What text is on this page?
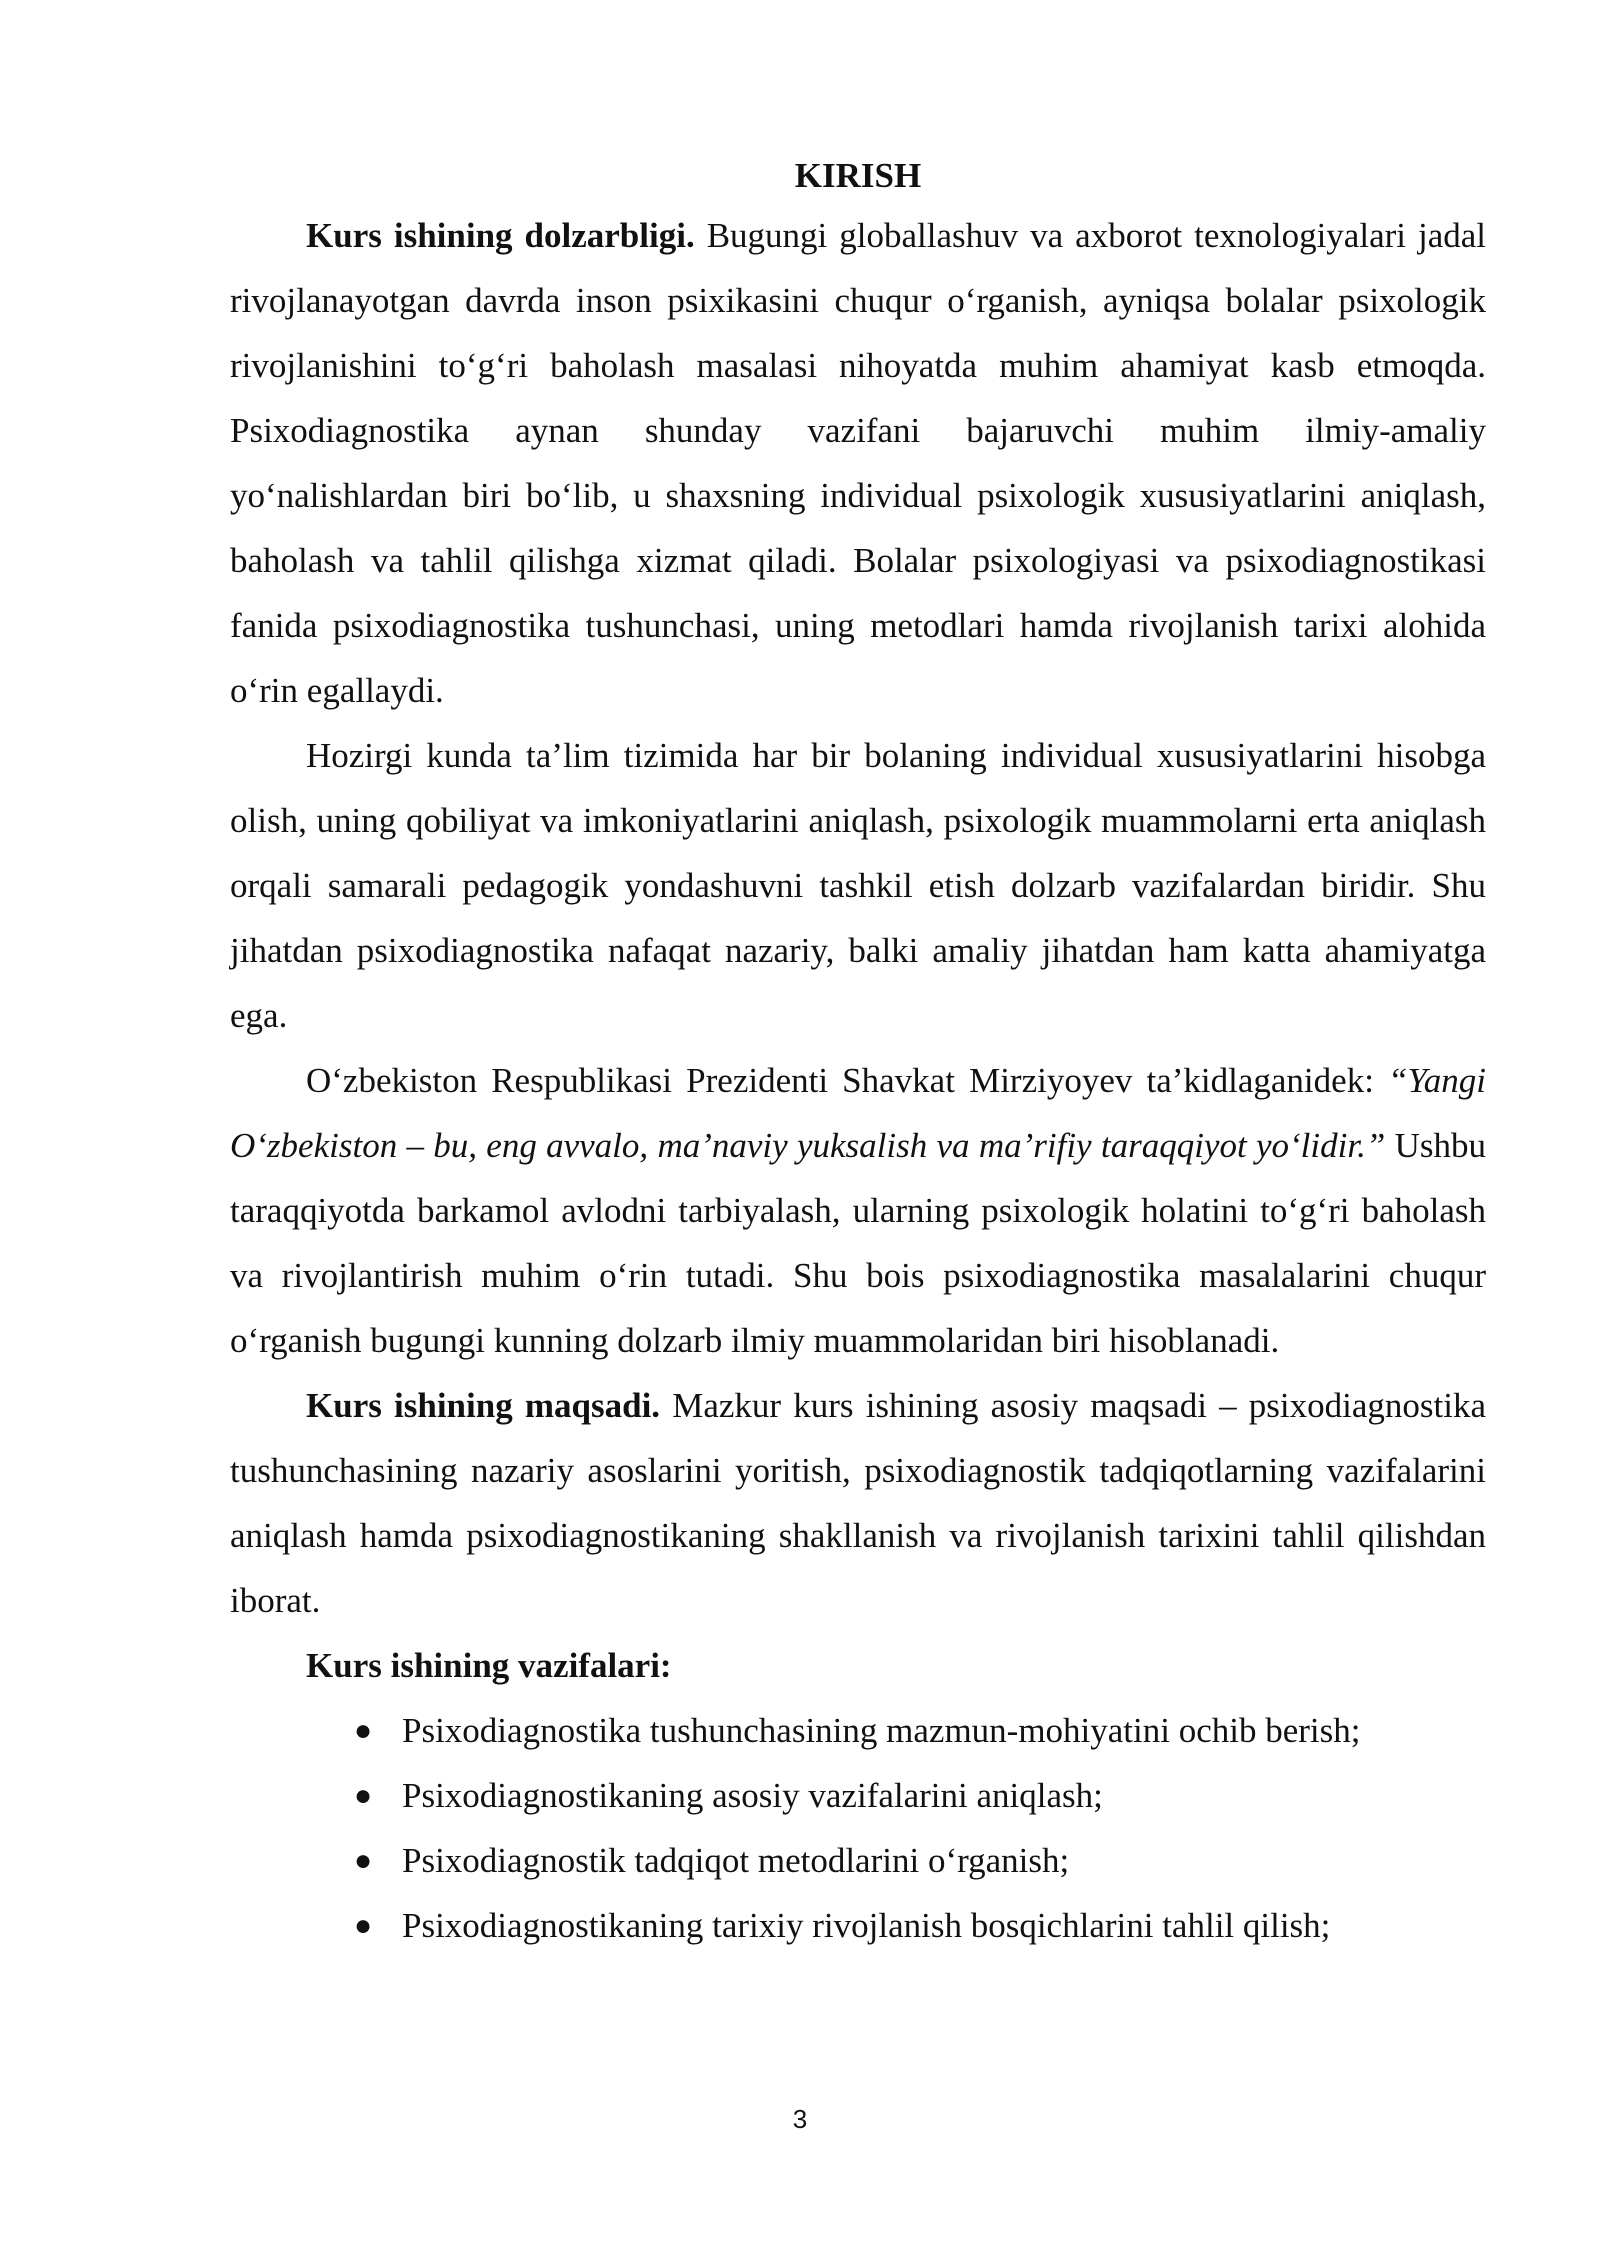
KIRISH

Kurs ishining dolzarbligi. Bugungi globallashuv va axborot texnologiyalari jadal rivojlanayotgan davrda inson psixikasini chuqur o‘rganish, ayniqsa bolalar psixologik rivojlanishini to‘g‘ri baholash masalasi nihoyatda muhim ahamiyat kasb etmoqda. Psixodiagnostika aynan shunday vazifani bajaruvchi muhim ilmiy-amaliy yo‘nalishlardan biri bo‘lib, u shaxsning individual psixologik xususiyatlarini aniqlash, baholash va tahlil qilishga xizmat qiladi. Bolalar psixologiyasi va psixodiagnostikasi fanida psixodiagnostika tushunchasi, uning metodlari hamda rivojlanish tarixi alohida o‘rin egallaydi.

Hozirgi kunda ta’lim tizimida har bir bolaning individual xususiyatlarini hisobga olish, uning qobiliyat va imkoniyatlarini aniqlash, psixologik muammolarni erta aniqlash orqali samarali pedagogik yondashuvni tashkil etish dolzarb vazifalardan biridir. Shu jihatdan psixodiagnostika nafaqat nazariy, balki amaliy jihatdan ham katta ahamiyatga ega.

O‘zbekiston Respublikasi Prezidenti Shavkat Mirziyoyev ta’kidlaganidek: “Yangi O‘zbekiston – bu, eng avvalo, ma’naviy yuksalish va ma’rifiy taraqqiyot yo‘lidir.” Ushbu taraqqiyotda barkamol avlodni tarbiyalash, ularning psixologik holatini to‘g‘ri baholash va rivojlantirish muhim o‘rin tutadi. Shu bois psixodiagnostika masalalarini chuqur o‘rganish bugungi kunning dolzarb ilmiy muammolaridan biri hisoblanadi.

Kurs ishining maqsadi. Mazkur kurs ishining asosiy maqsadi – psixodiagnostika tushunchasining nazariy asoslarini yoritish, psixodiagnostik tadqiqotlarning vazifalarini aniqlash hamda psixodiagnostikaning shakllanish va rivojlanish tarixini tahlil qilishdan iborat.

Kurs ishining vazifalari:

● Psixodiagnostika tushunchasining mazmun-mohiyatini ochib berish;
● Psixodiagnostikaning asosiy vazifalarini aniqlash;
● Psixodiagnostik tadqiqot metodlarini o‘rganish;
● Psixodiagnostikaning tarixiy rivojlanish bosqichlarini tahlil qilish;
3
